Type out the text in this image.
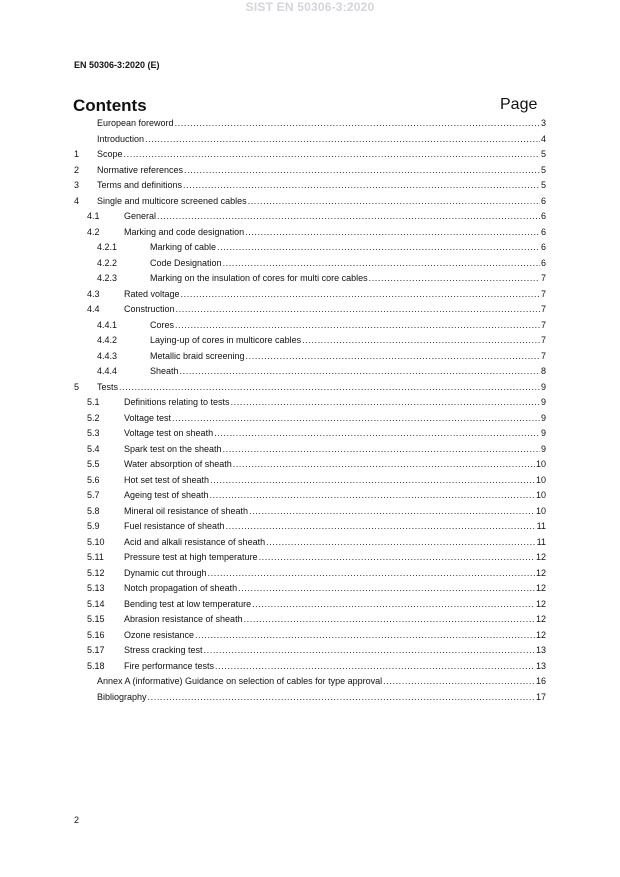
SIST EN 50306-3:2020
EN 50306-3:2020 (E)
Contents	Page
European foreword .....	3
Introduction .....	4
1	Scope .....	5
2	Normative references .....	5
3	Terms and definitions .....	5
4	Single and multicore screened cables .....	6
4.1	General .....	6
4.2	Marking and code designation .....	6
4.2.1	Marking of cable .....	6
4.2.2	Code Designation .....	6
4.2.3	Marking on the insulation of cores for multi core cables .....	7
4.3	Rated voltage .....	7
4.4	Construction .....	7
4.4.1	Cores .....	7
4.4.2	Laying-up of cores in multicore cables .....	7
4.4.3	Metallic braid screening .....	7
4.4.4	Sheath .....	8
5	Tests .....	9
5.1	Definitions relating to tests .....	9
5.2	Voltage test .....	9
5.3	Voltage test on sheath .....	9
5.4	Spark test on the sheath .....	9
5.5	Water absorption of sheath .....	10
5.6	Hot set test of sheath .....	10
5.7	Ageing test of sheath .....	10
5.8	Mineral oil resistance of sheath .....	10
5.9	Fuel resistance of sheath .....	11
5.10	Acid and alkali resistance of sheath .....	11
5.11	Pressure test at high temperature .....	12
5.12	Dynamic cut through .....	12
5.13	Notch propagation of sheath .....	12
5.14	Bending test at low temperature .....	12
5.15	Abrasion resistance of sheath .....	12
5.16	Ozone resistance .....	12
5.17	Stress cracking test .....	13
5.18	Fire performance tests .....	13
Annex A (informative) Guidance on selection of cables for type approval .....	16
Bibliography .....	17
2
